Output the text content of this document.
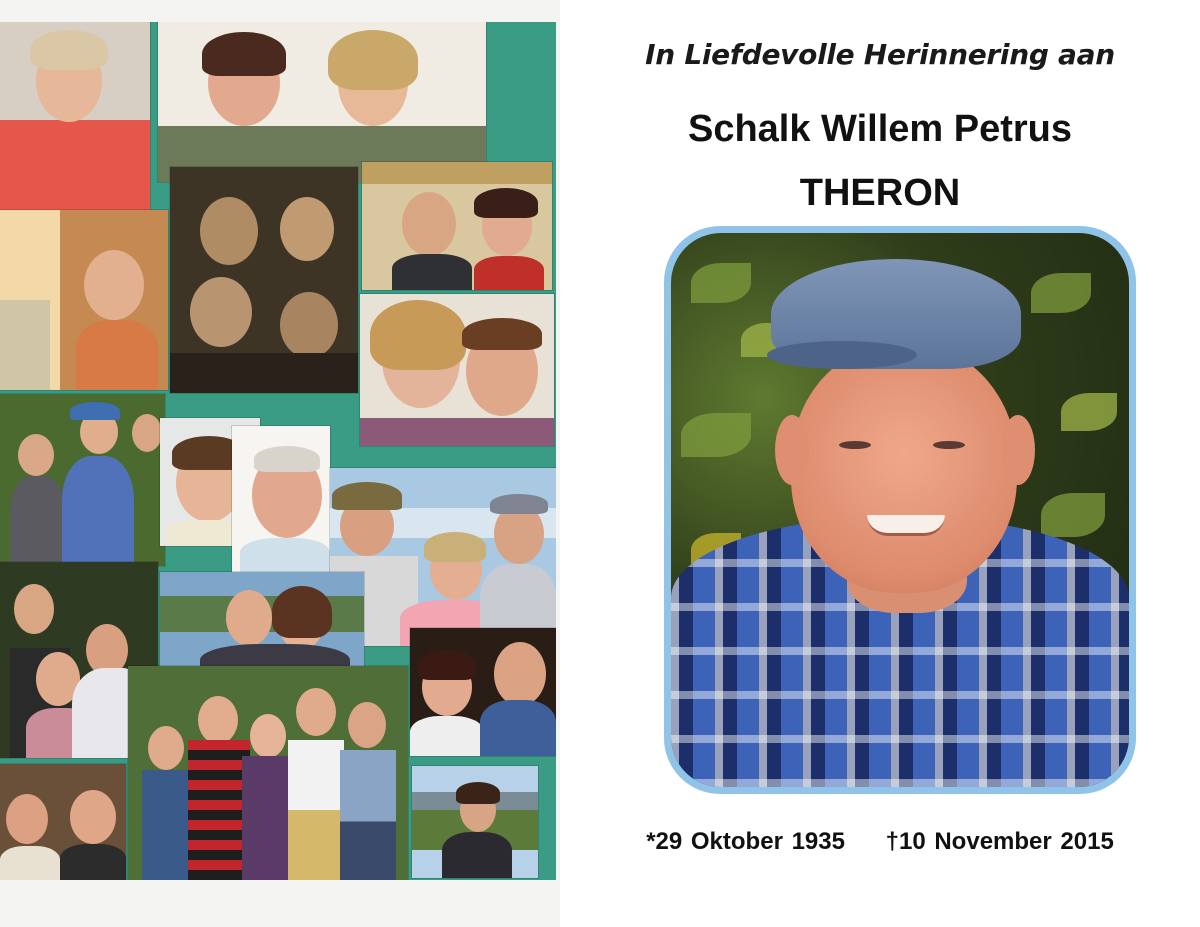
In Liefdevolle Herinnering aan
Schalk Willem Petrus
THERON
*29 Oktober 1935 †10 November 2015
